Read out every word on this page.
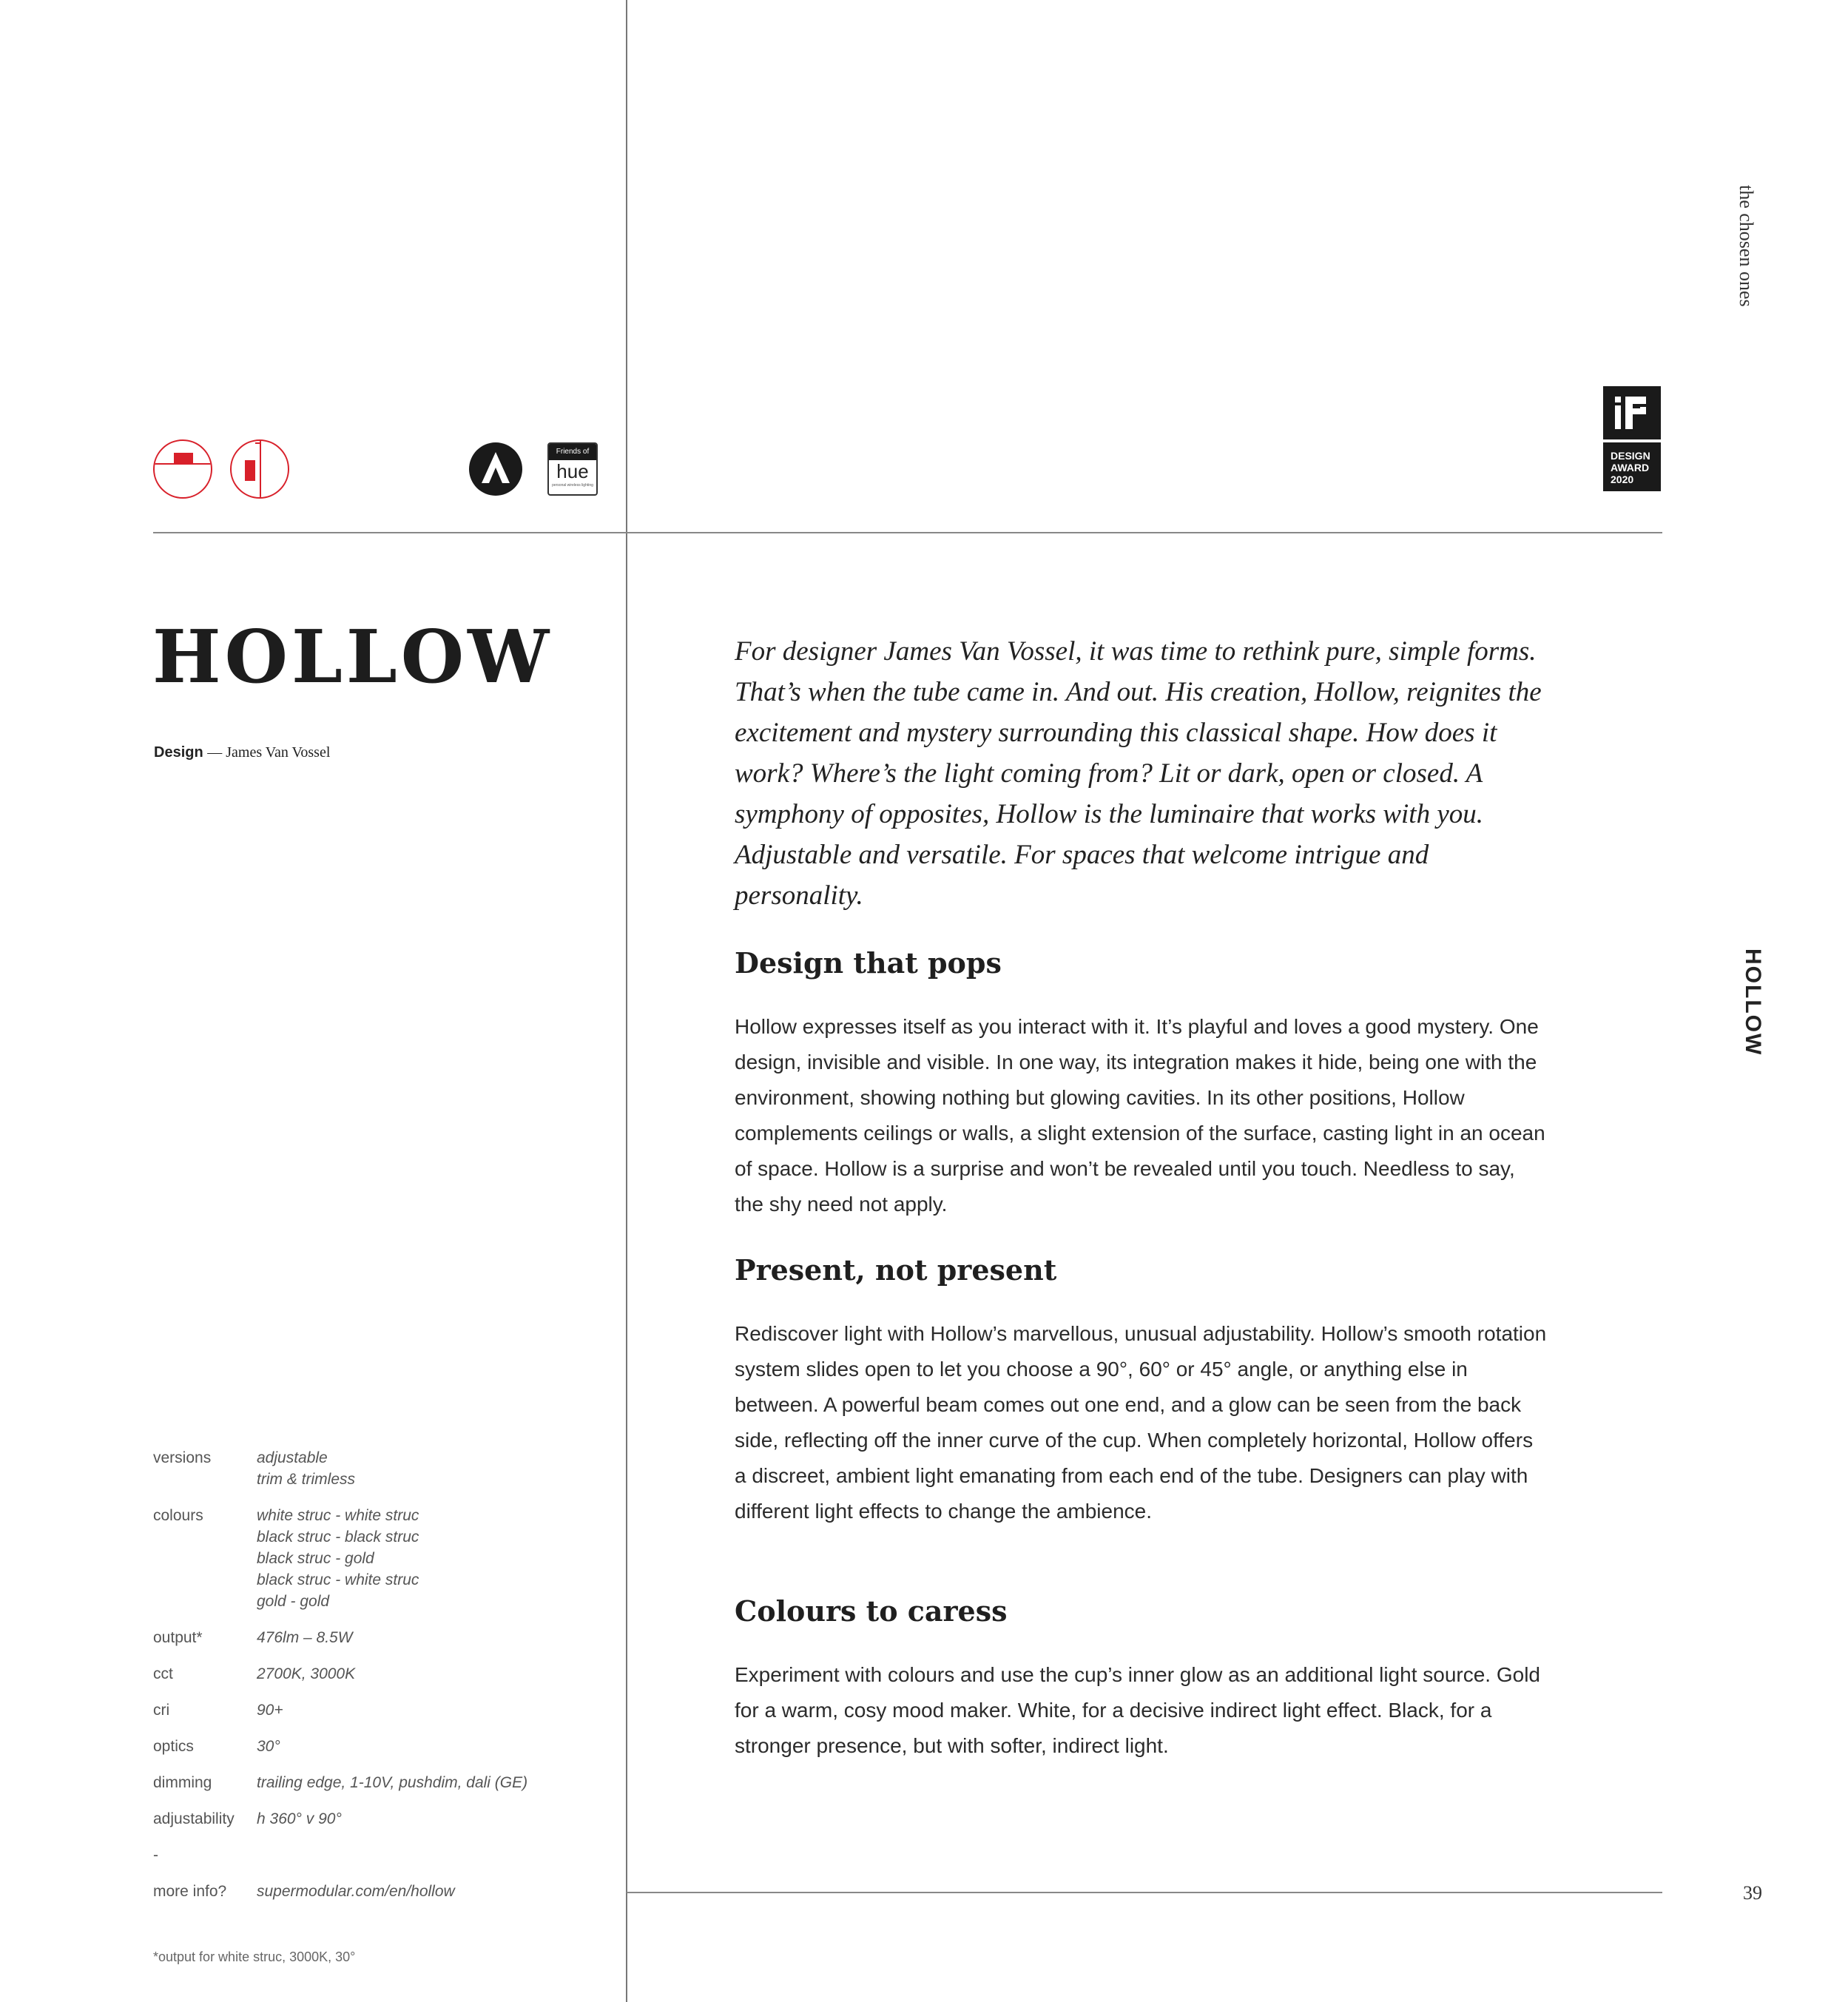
Friends of
hue
personal wireless lighting
DESIGN
AWARD
2020
the chosen ones
HOLLOW
39
HOLLOW
Design — James Van Vossel

For designer James Van Vossel, it was time to rethink pure, simple forms. That’s when the tube came in. And out. His creation, Hollow, reignites the excitement and mystery surrounding this classical shape. How does it work? Where’s the light coming from? Lit or dark, open or closed. A symphony of opposites, Hollow is the luminaire that works with you. Adjustable and versatile. For spaces that welcome intrigue and personality.

Design that pops

Hollow expresses itself as you interact with it. It’s playful and loves a good mystery. One design, invisible and visible. In one way, its integration makes it hide, being one with the environment, showing nothing but glowing cavities. In its other positions, Hollow complements ceilings or walls, a slight extension of the surface, casting light in an ocean of space. Hollow is a surprise and won’t be revealed until you touch. Needless to say, the shy need not apply.

Present, not present

Rediscover light with Hollow’s marvellous, unusual adjustability. Hollow’s smooth rotation system slides open to let you choose a 90°, 60° or 45° angle, or anything else in between. A powerful beam comes out one end, and a glow can be seen from the back side, reflecting off the inner curve of the cup. When completely horizontal, Hollow offers a discreet, ambient light emanating from each end of the tube. Designers can play with different light effects to change the ambience.

Colours to caress

Experiment with colours and use the cup’s inner glow as an additional light source. Gold for a warm, cosy mood maker. White, for a decisive indirect light effect. Black, for a stronger presence, but with softer, indirect light.

versions	adjustable
trim & trimless
colours	white struc - white struc
black struc - black struc
black struc - gold
black struc - white struc
gold - gold
output*	476lm – 8.5W
cct	2700K, 3000K
cri	90+
optics	30°
dimming	trailing edge, 1-10V, pushdim, dali (GE)
adjustability	h 360° v 90°
-
more info?	supermodular.com/en/hollow
*output for white struc, 3000K, 30°
